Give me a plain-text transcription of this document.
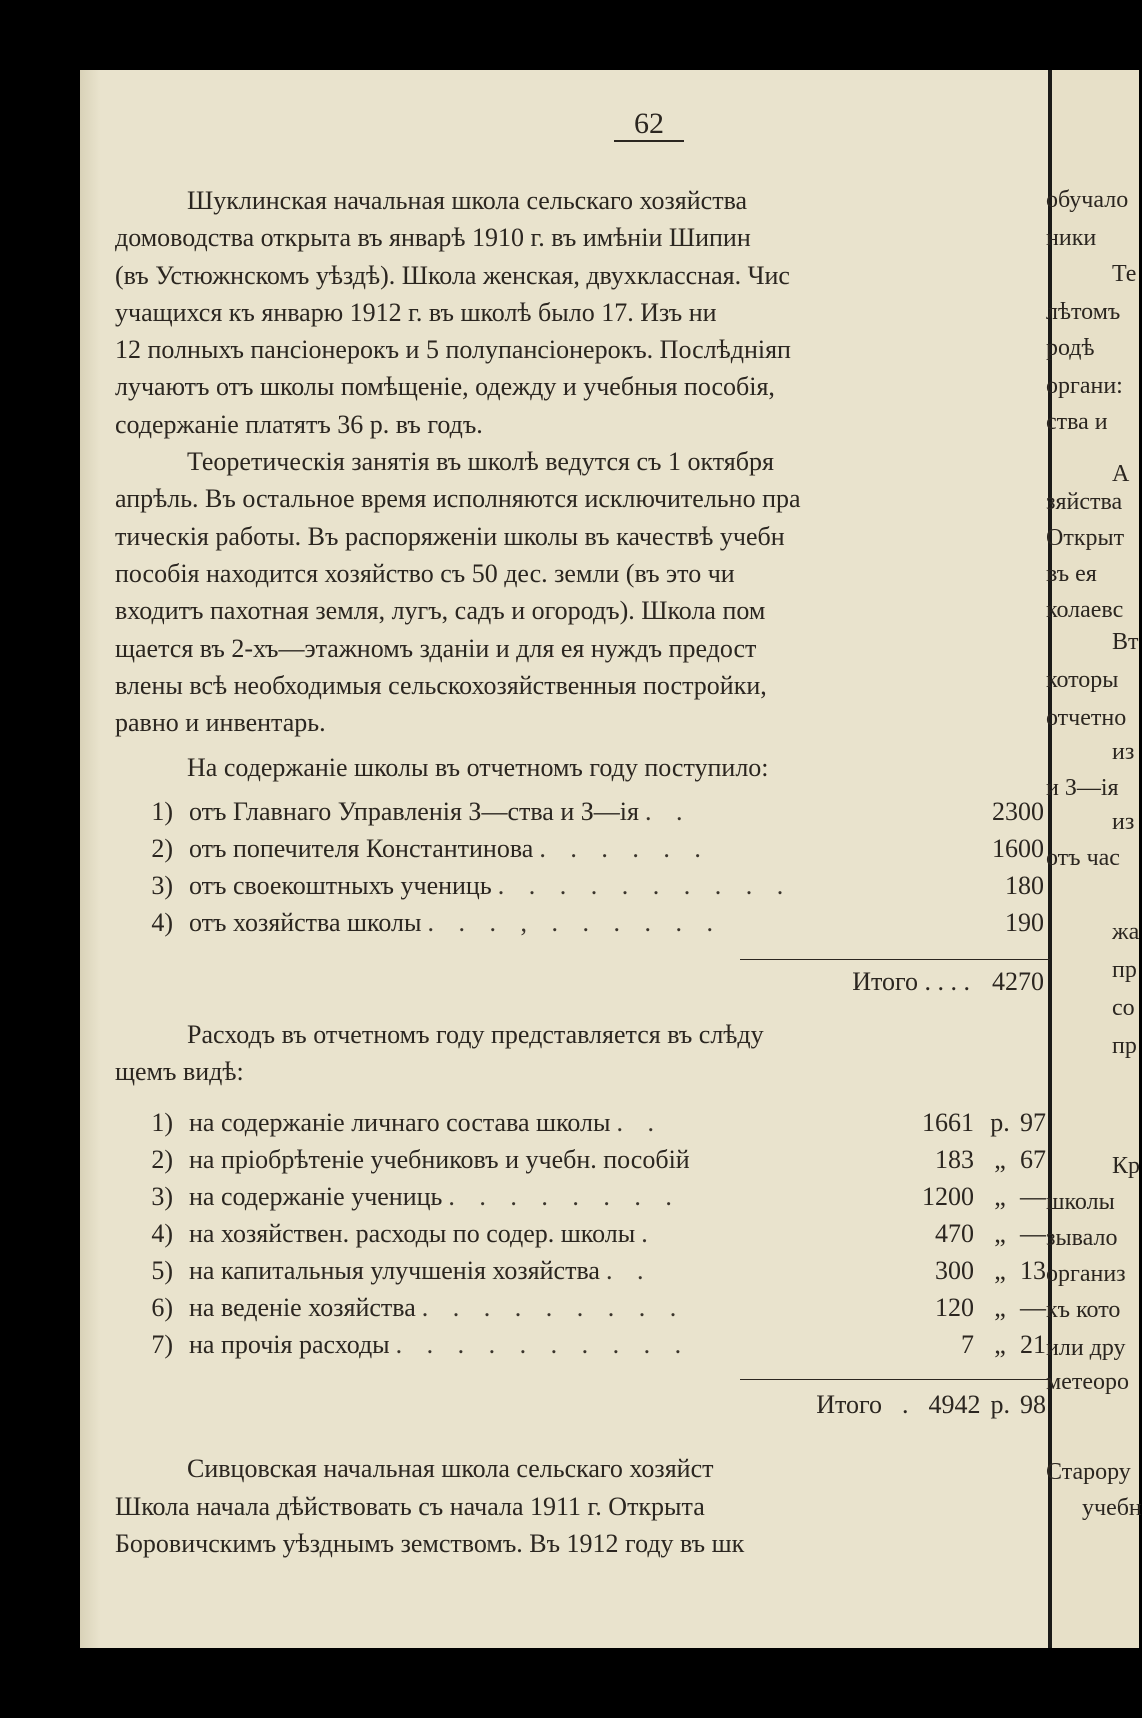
обучало
ники
Те
лѣтомъ
родѣ
органи:
ства и
А
зяйства
Открыт
въ ея
колаевс
Вт
которы
отчетно
из
и З—ія
из
отъ час
жа
пр
со
пр
Кр
школы
зывало
организ
къ кото
или дру
метеоро
Старору
учебн
62
Шуклинская начальная школа сельскаго хозяйства
домоводства открыта въ январѣ 1910 г. въ имѣніи Шипин
(въ Устюжнскомъ уѣздѣ). Школа женская, двухклассная. Чис
учащихся къ январю 1912 г. въ школѣ было 17. Изъ ни
12 полныхъ пансіонерокъ и 5 полупансіонерокъ. Послѣдніяп
лучаютъ отъ школы помѣщеніе, одежду и учебныя пособія,
содержаніе платятъ 36 р. въ годъ.
Теоретическія занятія въ школѣ ведутся съ 1 октября
апрѣль. Въ остальное время исполняются исключительно пра
тическія работы. Въ распоряженіи школы въ качествѣ учебн
пособія находится хозяйство съ 50 дес. земли (въ это чи
входитъ пахотная земля, лугъ, садъ и огородъ). Школа пом
щается въ 2-хъ—этажномъ зданіи и для ея нуждъ предост
влены всѣ необходимыя сельскохозяйственныя постройки,
равно и инвентарь.
На содержаніе школы въ отчетномъ году поступило:
1) отъ Главнаго Управленія З—ства и З—ія . .	2300
2) отъ попечителя Константинова . . . . . .	1600
3) отъ своекоштныхъ учениць . . . . . . . . . .	180
4) отъ хозяйства школы . . . , . . . . . .	190
Итого . . . . 4270
Расходъ въ отчетномъ году представляется въ слѣду
щемъ видѣ:
1) на содержаніе личнаго состава школы . .	1661 р. 97
2) на пріобрѣтеніе учебниковъ и учебн. пособій	183 „ 67
3) на содержаніе учениць . . . . . . . .	1200 „ —
4) на хозяйствен. расходы по содер. школы .	470 „ —
5) на капитальныя улучшенія хозяйства . .	300 „ 13
6) на веденіе хозяйства . . . . . . . . .	120 „ —
7) на прочія расходы . . . . . . . . . .	7 „ 21
Итого . 4942 р. 98
Сивцовская начальная школа сельскаго хозяйст
Школа начала дѣйствовать съ начала 1911 г. Открыта
Боровичскимъ уѣзднымъ земствомъ. Въ 1912 году въ шк
